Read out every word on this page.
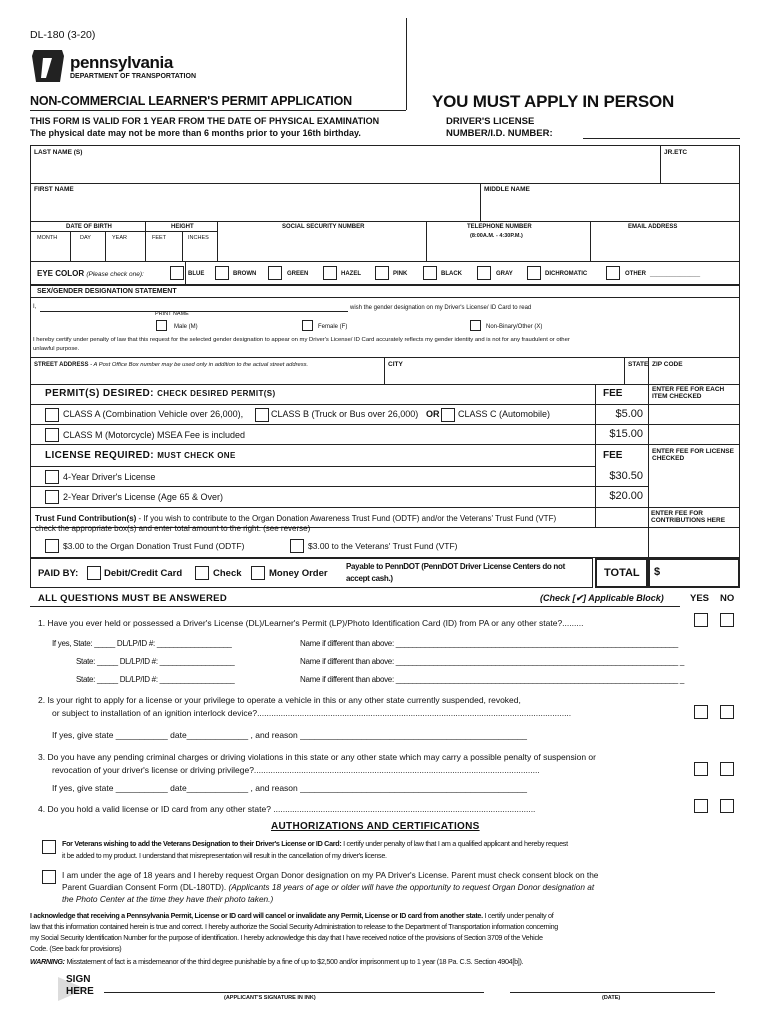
DL-180 (3-20)
pennsylvania
DEPARTMENT OF TRANSPORTATION
NON-COMMERCIAL LEARNER'S PERMIT APPLICATION	YOU MUST APPLY IN PERSON
THIS FORM IS VALID FOR 1 YEAR FROM THE DATE OF PHYSICAL EXAMINATION
The physical date may not be more than 6 months prior to your 16th birthday.
DRIVER'S LICENSE
NUMBER/I.D. NUMBER:
LAST NAME (S)	JR.ETC
FIRST NAME	MIDDLE NAME
DATE OF BIRTH	HEIGHT	SOCIAL SECURITY NUMBER	TELEPHONE NUMBER
(8:00A.M. - 4:30P.M.)
EMAIL ADDRESS
MONTH	DAY	YEAR	FEET	INCHES
EYE COLOR (Please check one):	BLUE	BROWN	GREEN	HAZEL	PINK	BLACK	GRAY	DICHROMATIC	OTHER _______________
SEX/GENDER DESIGNATION STATEMENT
I,	wish the gender designation on my Driver's License/ ID Card to read
PRINT NAME
Male (M)	Female (F)	Non-Binary/Other (X)
I hereby certify under penalty of law that this request for the selected gender designation to appear on my Driver's License/ ID Card accurately reflects my gender identity and is not for any fraudulent or other
unlawful purpose.
STREET ADDRESS - A Post Office Box number may be used only in addition to the actual street address.	CITY	STATE ZIP CODE
PERMIT(S) DESIRED: CHECK DESIRED PERMIT(S)	FEE	ENTER FEE FOR EACH ITEM CHECKED
CLASS A (Combination Vehicle over 26,000),	CLASS B (Truck or Bus over 26,000) OR CLASS C (Automobile)	$5.00
CLASS M (Motorcycle) MSEA Fee is included	$15.00
LICENSE REQUIRED: MUST CHECK ONE	FEE	ENTER FEE FOR LICENSE CHECKED
4-Year Driver's License	$30.50
2-Year Driver's License (Age 65 & Over)	$20.00
Trust Fund Contribution(s) - If you wish to contribute to the Organ Donation Awareness Trust Fund (ODTF) and/or the Veterans' Trust Fund (VTF)
check the appropriate box(s) and enter total amount to the right. (see reverse)
ENTER FEE FOR CONTRIBUTIONS HERE
$3.00 to the Organ Donation Trust Fund (ODTF)	$3.00 to the Veterans' Trust Fund (VTF)
PAID BY:	Debit/Credit Card	Check	Money Order
Payable to PennDOT (PennDOT Driver License Centers do not
accept cash.)	TOTAL $
ALL QUESTIONS MUST BE ANSWERED	(Check [✔] Applicable Block)	YES NO
1. Have you ever held or possessed a Driver's License (DL)/Learner's Permit (LP)/Photo Identification Card (ID) from PA or any other state?.........
If yes, State: _____ DL/LP/ID #: __________________	Name if different than above: ____________________________________________________________________
State: _____ DL/LP/ID #: __________________	Name if different than above: ____________________________________________________________________ _
State: _____ DL/LP/ID #: __________________	Name if different than above: ____________________________________________________________________ _
2. Is your right to apply for a license or your privilege to operate a vehicle in this or any other state currently suspended, revoked,
or subject to installation of an ignition interlock device?.....................................................................................................................................
If yes, give state ___________ date_____________ , and reason ________________________________________________
3. Do you have any pending criminal charges or driving violations in this state or any other state which may carry a possible penalty of suspension or
revocation of your driver's license or driving privilege?.........................................................................................................................
If yes, give state ___________ date_____________ , and reason ________________________________________________
4. Do you hold a valid license or ID card from any other state? ...............................................................................................................
AUTHORIZATIONS AND CERTIFICATIONS
For Veterans wishing to add the Veterans Designation to their Driver's License or ID Card: I certify under penalty of law that I am a qualified applicant and hereby request
it be added to my product. I understand that misrepresentation will result in the cancellation of my driver's license.
I am under the age of 18 years and I hereby request Organ Donor designation on my PA Driver's License. Parent must check consent block on the
Parent Guardian Consent Form (DL-180TD). (Applicants 18 years of age or older will have the opportunity to request Organ Donor designation at
the Photo Center at the time they have their photo taken.)
I acknowledge that receiving a Pennsylvania Permit, License or ID card will cancel or invalidate any Permit, License or ID card from another state. I certify under penalty of
law that this information contained herein is true and correct. I hereby authorize the Social Security Administration to release to the Department of Transportation information concerning
my Social Security Identification Number for the purpose of identification. I hereby acknowledge this day that I have received notice of the provisions of Section 3709 of the Vehicle
Code. (See back for provisions)
WARNING: Misstatement of fact is a misdemeanor of the third degree punishable by a fine of up to $2,500 and/or imprisonment up to 1 year (18 Pa. C.S. Section 4904[b]).
SIGN
HERE
(APPLICANT'S SIGNATURE IN INK)	(DATE)
